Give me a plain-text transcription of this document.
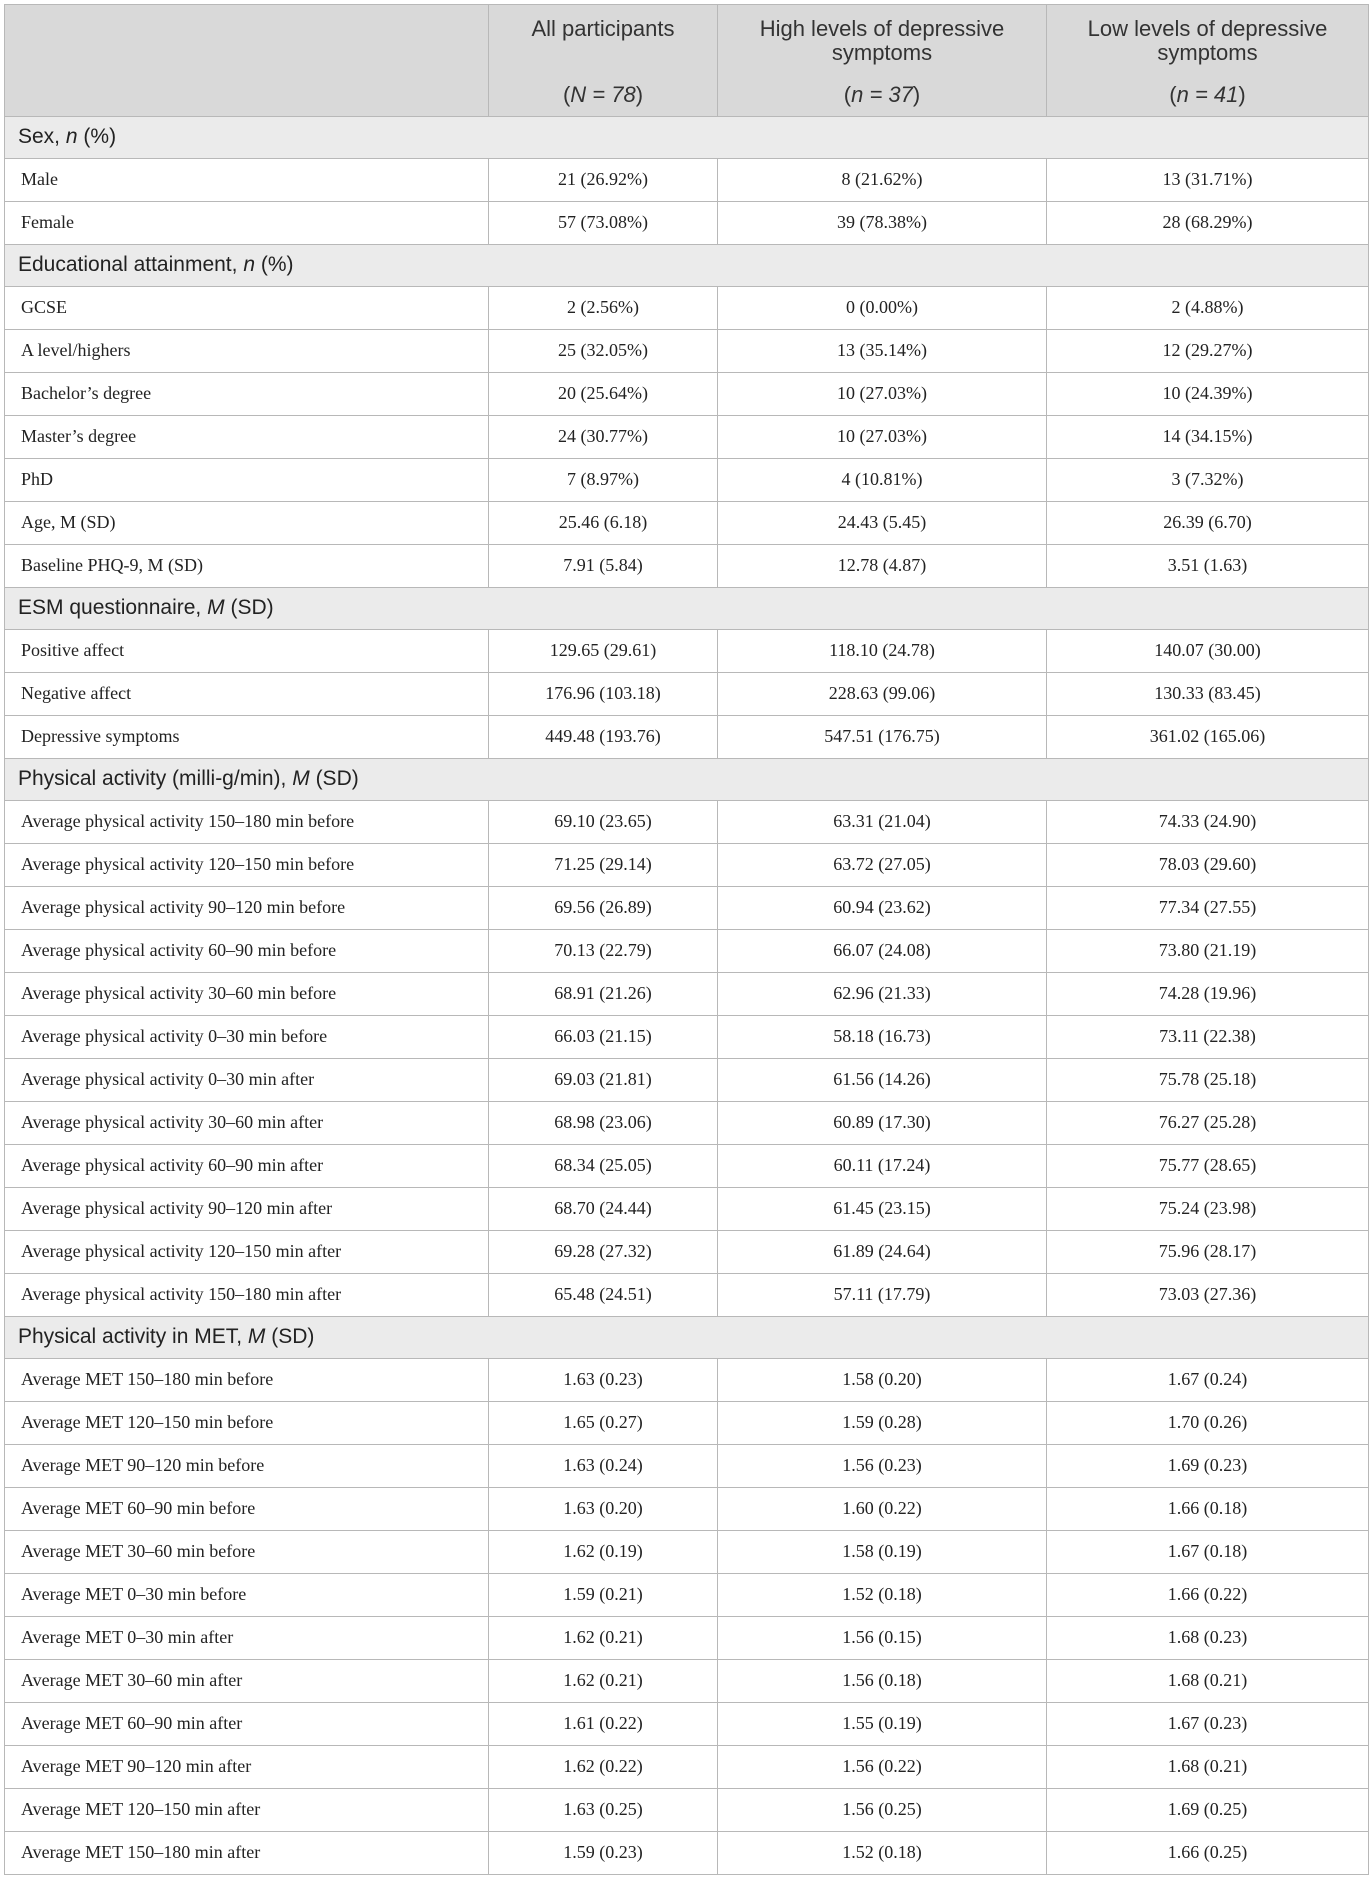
	All participants	High levels of depressive symptoms	Low levels of depressive symptoms
	(N = 78)	(n = 37)	(n = 41)
Sex, n (%)			
Male	21 (26.92%)	8 (21.62%)	13 (31.71%)
Female	57 (73.08%)	39 (78.38%)	28 (68.29%)
Educational attainment, n (%)			
GCSE	2 (2.56%)	0 (0.00%)	2 (4.88%)
A level/highers	25 (32.05%)	13 (35.14%)	12 (29.27%)
Bachelor’s degree	20 (25.64%)	10 (27.03%)	10 (24.39%)
Master’s degree	24 (30.77%)	10 (27.03%)	14 (34.15%)
PhD	7 (8.97%)	4 (10.81%)	3 (7.32%)
Age, M (SD)	25.46 (6.18)	24.43 (5.45)	26.39 (6.70)
Baseline PHQ-9, M (SD)	7.91 (5.84)	12.78 (4.87)	3.51 (1.63)
ESM questionnaire, M (SD)			
Positive affect	129.65 (29.61)	118.10 (24.78)	140.07 (30.00)
Negative affect	176.96 (103.18)	228.63 (99.06)	130.33 (83.45)
Depressive symptoms	449.48 (193.76)	547.51 (176.75)	361.02 (165.06)
Physical activity (milli-g/min), M (SD)			
Average physical activity 150–180 min before	69.10 (23.65)	63.31 (21.04)	74.33 (24.90)
Average physical activity 120–150 min before	71.25 (29.14)	63.72 (27.05)	78.03 (29.60)
Average physical activity 90–120 min before	69.56 (26.89)	60.94 (23.62)	77.34 (27.55)
Average physical activity 60–90 min before	70.13 (22.79)	66.07 (24.08)	73.80 (21.19)
Average physical activity 30–60 min before	68.91 (21.26)	62.96 (21.33)	74.28 (19.96)
Average physical activity 0–30 min before	66.03 (21.15)	58.18 (16.73)	73.11 (22.38)
Average physical activity 0–30 min after	69.03 (21.81)	61.56 (14.26)	75.78 (25.18)
Average physical activity 30–60 min after	68.98 (23.06)	60.89 (17.30)	76.27 (25.28)
Average physical activity 60–90 min after	68.34 (25.05)	60.11 (17.24)	75.77 (28.65)
Average physical activity 90–120 min after	68.70 (24.44)	61.45 (23.15)	75.24 (23.98)
Average physical activity 120–150 min after	69.28 (27.32)	61.89 (24.64)	75.96 (28.17)
Average physical activity 150–180 min after	65.48 (24.51)	57.11 (17.79)	73.03 (27.36)
Physical activity in MET, M (SD)			
Average MET 150–180 min before	1.63 (0.23)	1.58 (0.20)	1.67 (0.24)
Average MET 120–150 min before	1.65 (0.27)	1.59 (0.28)	1.70 (0.26)
Average MET 90–120 min before	1.63 (0.24)	1.56 (0.23)	1.69 (0.23)
Average MET 60–90 min before	1.63 (0.20)	1.60 (0.22)	1.66 (0.18)
Average MET 30–60 min before	1.62 (0.19)	1.58 (0.19)	1.67 (0.18)
Average MET 0–30 min before	1.59 (0.21)	1.52 (0.18)	1.66 (0.22)
Average MET 0–30 min after	1.62 (0.21)	1.56 (0.15)	1.68 (0.23)
Average MET 30–60 min after	1.62 (0.21)	1.56 (0.18)	1.68 (0.21)
Average MET 60–90 min after	1.61 (0.22)	1.55 (0.19)	1.67 (0.23)
Average MET 90–120 min after	1.62 (0.22)	1.56 (0.22)	1.68 (0.21)
Average MET 120–150 min after	1.63 (0.25)	1.56 (0.25)	1.69 (0.25)
Average MET 150–180 min after	1.59 (0.23)	1.52 (0.18)	1.66 (0.25)
